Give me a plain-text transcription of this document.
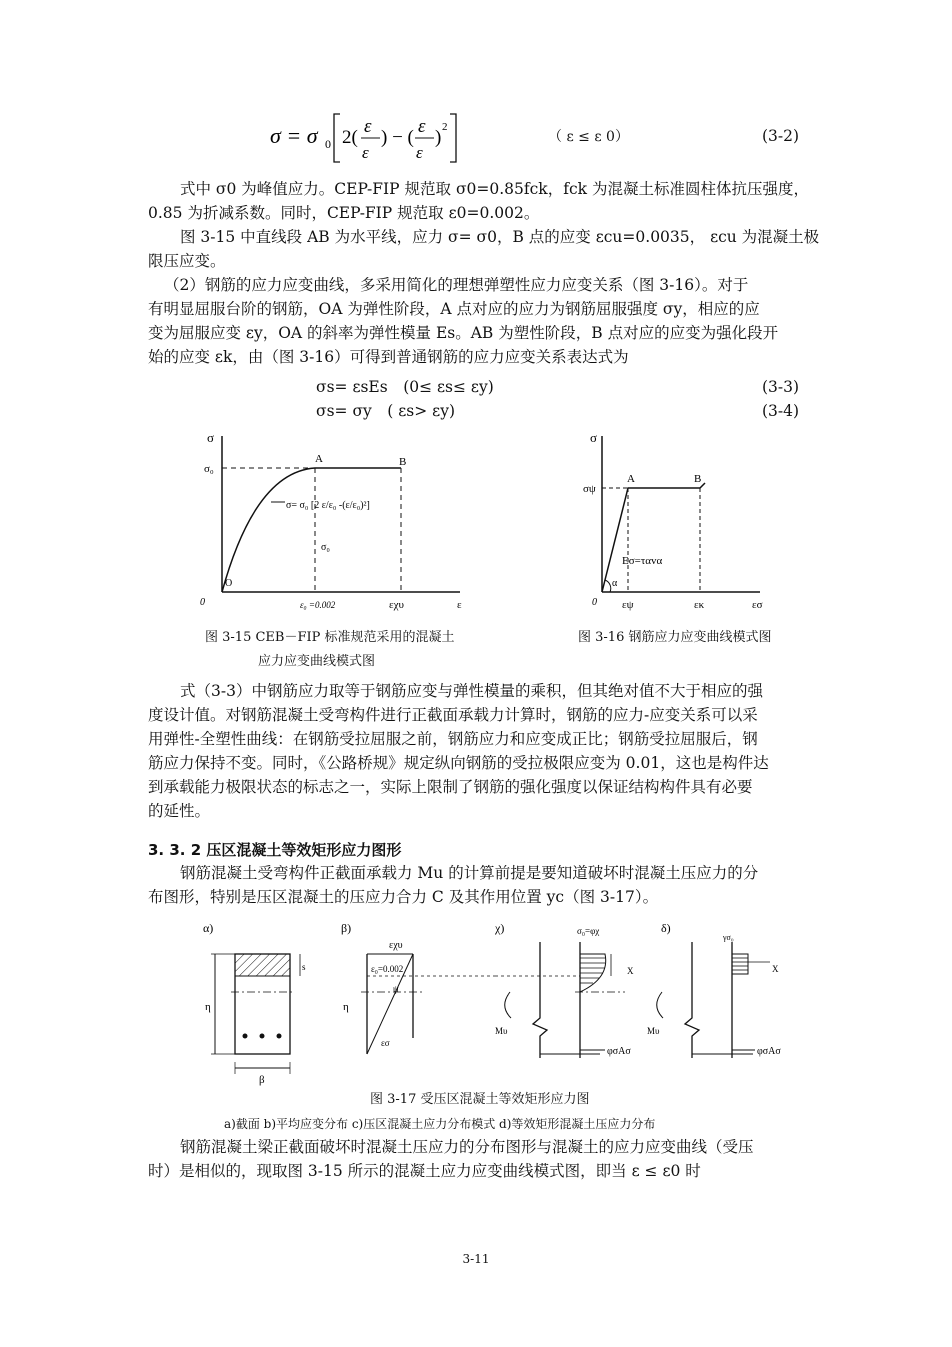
σ = σ 0 2(
ε
ε
) − (
ε
ε
) 2
（ ε ≤ ε 0）	(3-2)
式中 σ0 为峰值应力。CEP-FIP 规范取 σ0=0.85fck，fck 为混凝土标准圆柱体抗压强度，
0.85 为折减系数。同时，CEP-FIP 规范取 ε0=0.002。
图 3-15 中直线段 AB 为水平线，应力 σ= σ0，B 点的应变 εcu=0.0035， εcu 为混凝土极
限压应变。
（2）钢筋的应力应变曲线，多采用简化的理想弹塑性应力应变关系（图 3-16）。对于
有明显屈服台阶的钢筋，OA 为弹性阶段，A 点对应的应力为钢筋屈服强度 σy，相应的应
变为屈服应变 εy，OA 的斜率为弹性模量 Es。AB 为塑性阶段，B 点对应的应变为强化段开
始的应变 εk，由（图 3-16）可得到普通钢筋的应力应变关系表达式为
σs= εsEs　(0≤ εs≤ εy)	(3-3)
σs= σy　( εs> εy)	(3-4)
σ
σ₀
A	B
σ= σ₀ [2 ε/ε₀ -(ε/ε₀)²]
σ₀
O
0	ε₀ =0.002	εχυ	ε
图 3-15 CEB－FIP 标准规范采用的混凝土
应力应变曲线模式图
σ
σψ
A	B
Eσ=ταvα
α
0 εψ	εκ	εσ
图 3-16 钢筋应力应变曲线模式图
式（3-3）中钢筋应力取等于钢筋应变与弹性模量的乘积，但其绝对值不大于相应的强
度设计值。对钢筋混凝土受弯构件进行正截面承载力计算时，钢筋的应力-应变关系可以采
用弹性-全塑性曲线：在钢筋受拉屈服之前，钢筋应力和应变成正比；钢筋受拉屈服后，钢
筋应力保持不变。同时，《公路桥规》规定纵向钢筋的受拉极限应变为 0.01，这也是构件达
到承载能力极限状态的标志之一，实际上限制了钢筋的强化强度以保证结构构件具有必要
的延性。
3. 3. 2 压区混凝土等效矩形应力图形
钢筋混凝土受弯构件正截面承载力 Mu 的计算前提是要知道破坏时混凝土压应力的分
布图形，特别是压区混凝土的压应力合力 C 及其作用位置 yc（图 3-17）。
α)
η
s
β
β)
εχυ
ε₀=0.002
ψ
εσ
η
χ)	σ₀=φχ
X
Mυ
φσAσ
δ)
γσ₀
X
Mυ
φσAσ
图 3-17 受压区混凝土等效矩形应力图
a)截面 b)平均应变分布 c)压区混凝土应力分布模式 d)等效矩形混凝土压应力分布
钢筋混凝土梁正截面破坏时混凝土压应力的分布图形与混凝土的应力应变曲线（受压
时）是相似的，现取图 3-15 所示的混凝土应力应变曲线模式图，即当 ε ≤ ε0 时
3-11
